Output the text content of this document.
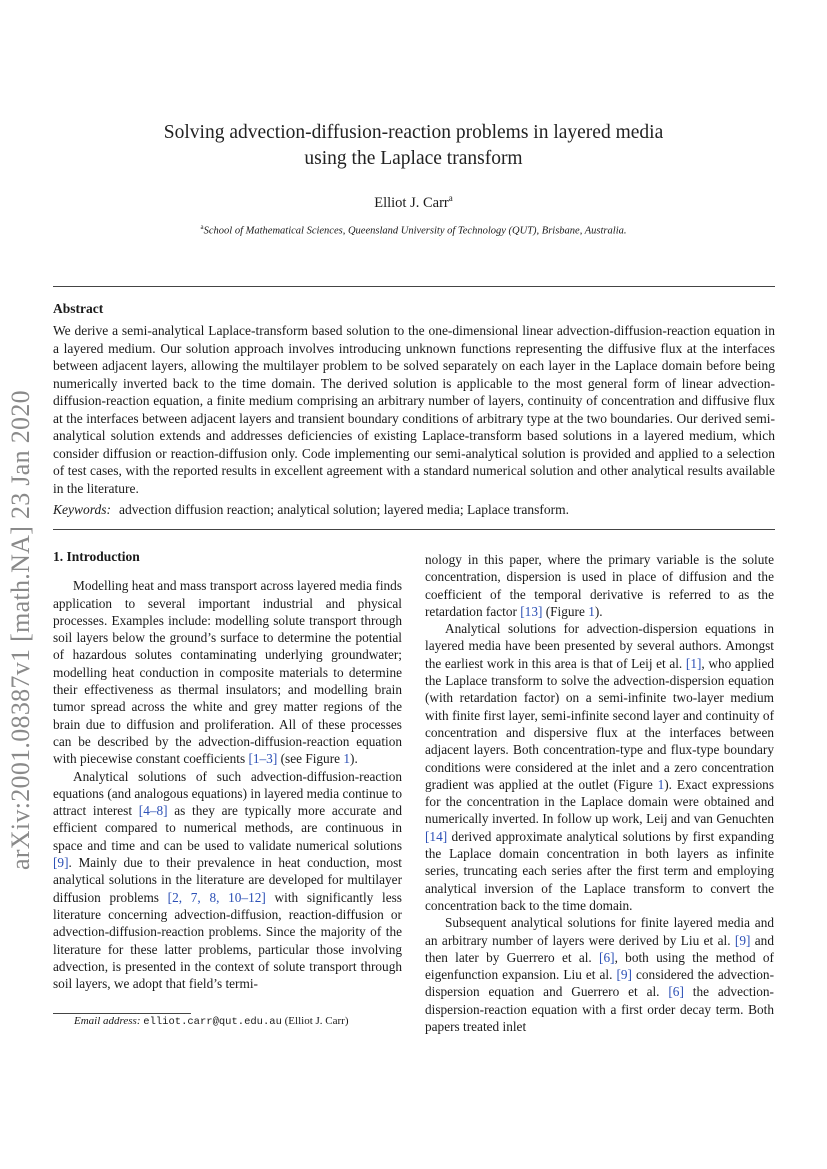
arXiv:2001.08387v1 [math.NA] 23 Jan 2020
Solving advection-diffusion-reaction problems in layered media
using the Laplace transform
Elliot J. Carr$^a$
$^a$School of Mathematical Sciences, Queensland University of Technology (QUT), Brisbane, Australia.
Abstract
We derive a semi-analytical Laplace-transform based solution to the one-dimensional linear advection-diffusion-reaction equation in a layered medium. Our solution approach involves introducing unknown functions representing the diffusive flux at the interfaces between adjacent layers, allowing the multilayer problem to be solved separately on each layer in the Laplace domain before being numerically inverted back to the time domain. The derived solution is applicable to the most general form of linear advection-diffusion-reaction equation, a finite medium comprising an arbitrary number of layers, continuity of concentration and diffusive flux at the interfaces between adjacent layers and transient boundary conditions of arbitrary type at the two boundaries. Our derived semi-analytical solution extends and addresses deficiencies of existing Laplace-transform based solutions in a layered medium, which consider diffusion or reaction-diffusion only. Code implementing our semi-analytical solution is provided and applied to a selection of test cases, with the reported results in excellent agreement with a standard numerical solution and other analytical results available in the literature.
Keywords: advection diffusion reaction; analytical solution; layered media; Laplace transform.
1. Introduction

Modelling heat and mass transport across layered media finds application to several important industrial and physical processes. Examples include: modelling solute transport through soil layers below the ground’s surface to determine the potential of hazardous solutes contaminating underlying groundwater; modelling heat conduction in composite materials to determine their effectiveness as thermal insulators; and modelling brain tumor spread across the white and grey matter regions of the brain due to diffusion and proliferation. All of these processes can be described by the advection-diffusion-reaction equation with piecewise constant coefficients [1–3] (see Figure 1).

Analytical solutions of such advection-diffusion-reaction equations (and analogous equations) in layered media continue to attract interest [4–8] as they are typically more accurate and efficient compared to numerical methods, are continuous in space and time and can be used to validate numerical solutions [9]. Mainly due to their prevalence in heat conduction, most analytical solutions in the literature are developed for multilayer diffusion problems [2, 7, 8, 10–12] with significantly less literature concerning advection-diffusion, reaction-diffusion or advection-diffusion-reaction problems. Since the majority of the literature for these latter problems, particular those involving advection, is presented in the context of solute transport through soil layers, we adopt that field’s termi-

nology in this paper, where the primary variable is the solute concentration, dispersion is used in place of diffusion and the coefficient of the temporal derivative is referred to as the retardation factor [13] (Figure 1).

Analytical solutions for advection-dispersion equations in layered media have been presented by several authors. Amongst the earliest work in this area is that of Leij et al. [1], who applied the Laplace transform to solve the advection-dispersion equation (with retardation factor) on a semi-infinite two-layer medium with finite first layer, semi-infinite second layer and continuity of concentration and dispersive flux at the interfaces between adjacent layers. Both concentration-type and flux-type boundary conditions were considered at the inlet and a zero concentration gradient was applied at the outlet (Figure 1). Exact expressions for the concentration in the Laplace domain were obtained and numerically inverted. In follow up work, Leij and van Genuchten [14] derived approximate analytical solutions by first expanding the Laplace domain concentration in both layers as infinite series, truncating each series after the first term and employing analytical inversion of the Laplace transform to convert the concentration back to the time domain.

Subsequent analytical solutions for finite layered media and an arbitrary number of layers were derived by Liu et al. [9] and then later by Guerrero et al. [6], both using the method of eigenfunction expansion. Liu et al. [9] considered the advection-dispersion equation and Guerrero et al. [6] the advection-dispersion-reaction equation with a first order decay term. Both papers treated inlet

Email address: elliot.carr@qut.edu.au (Elliot J. Carr)
